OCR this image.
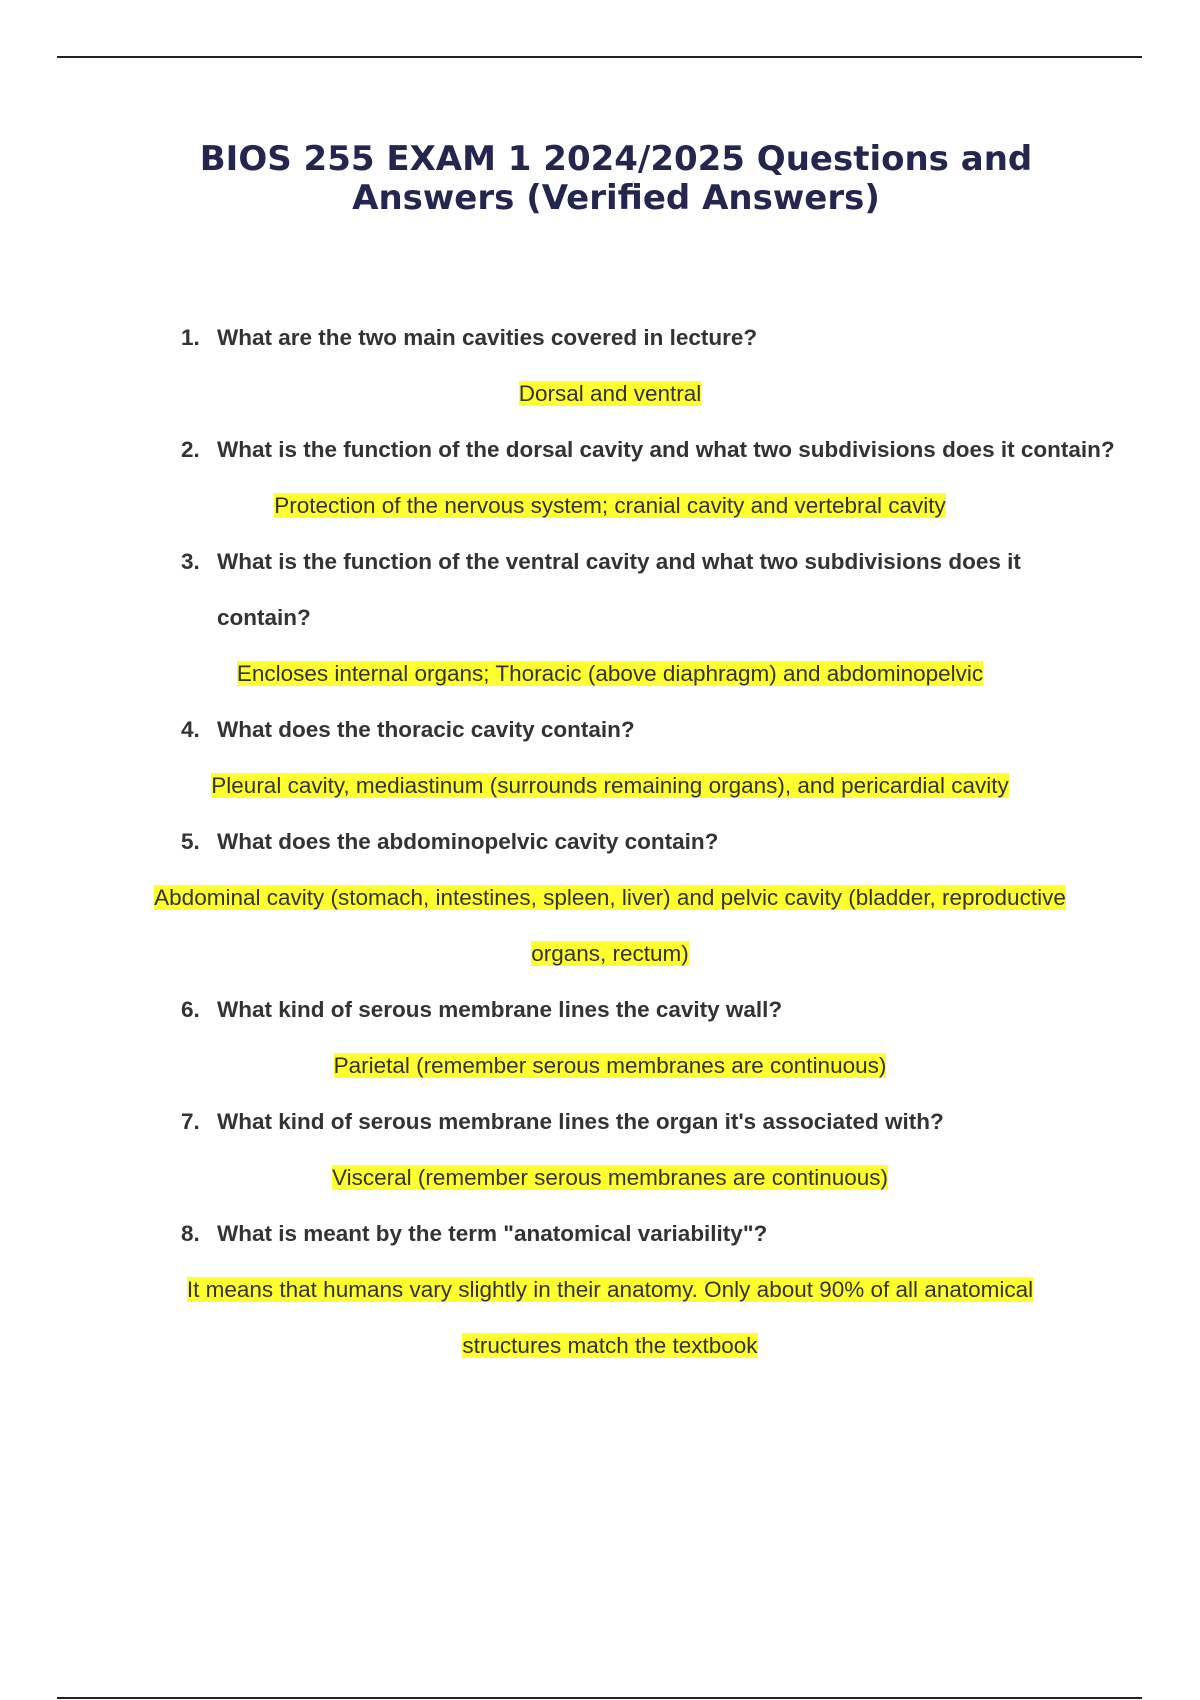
BIOS 255 EXAM 1 2024/2025 Questions and Answers (Verified Answers)
1. What are the two main cavities covered in lecture?
Dorsal and ventral
2. What is the function of the dorsal cavity and what two subdivisions does it contain?
Protection of the nervous system; cranial cavity and vertebral cavity
3. What is the function of the ventral cavity and what two subdivisions does it contain?
Encloses internal organs; Thoracic (above diaphragm) and abdominopelvic
4. What does the thoracic cavity contain?
Pleural cavity, mediastinum (surrounds remaining organs), and pericardial cavity
5. What does the abdominopelvic cavity contain?
Abdominal cavity (stomach, intestines, spleen, liver) and pelvic cavity (bladder, reproductive organs, rectum)
6. What kind of serous membrane lines the cavity wall?
Parietal (remember serous membranes are continuous)
7. What kind of serous membrane lines the organ it's associated with?
Visceral (remember serous membranes are continuous)
8. What is meant by the term "anatomical variability"?
It means that humans vary slightly in their anatomy. Only about 90% of all anatomical structures match the textbook
